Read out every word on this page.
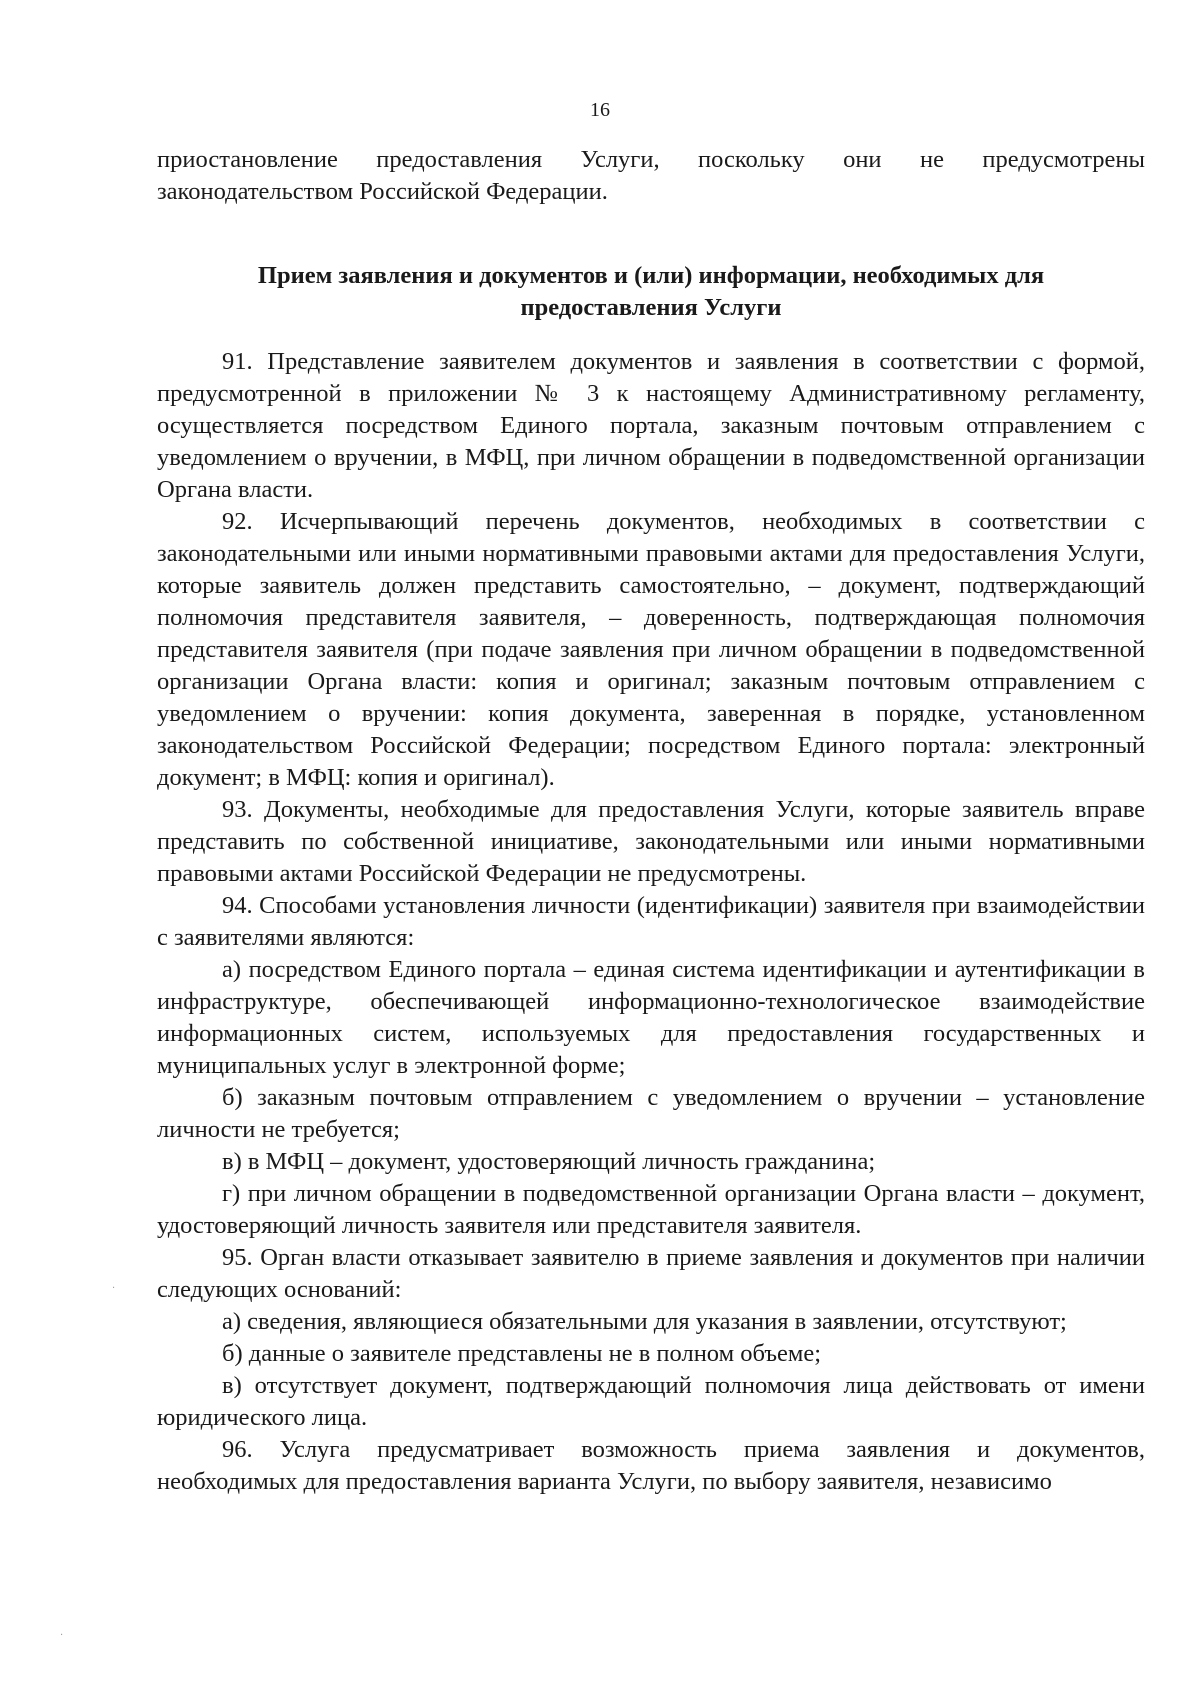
16

приостановление предоставления Услуги, поскольку они не предусмотрены законодательством Российской Федерации.

Прием заявления и документов и (или) информации, необходимых для
предоставления Услуги

91. Представление заявителем документов и заявления в соответствии с формой, предусмотренной в приложении № 3 к настоящему Административному регламенту, осуществляется посредством Единого портала, заказным почтовым отправлением с уведомлением о вручении, в МФЦ, при личном обращении в подведомственной организации Органа власти.

92. Исчерпывающий перечень документов, необходимых в соответствии с законодательными или иными нормативными правовыми актами для предоставления Услуги, которые заявитель должен представить самостоятельно, – документ, подтверждающий полномочия представителя заявителя, – доверенность, подтверждающая полномочия представителя заявителя (при подаче заявления при личном обращении в подведомственной организации Органа власти: копия и оригинал; заказным почтовым отправлением с уведомлением о вручении: копия документа, заверенная в порядке, установленном законодательством Российской Федерации; посредством Единого портала: электронный документ; в МФЦ: копия и оригинал).

93. Документы, необходимые для предоставления Услуги, которые заявитель вправе представить по собственной инициативе, законодательными или иными нормативными правовыми актами Российской Федерации не предусмотрены.

94. Способами установления личности (идентификации) заявителя при взаимодействии с заявителями являются:

а) посредством Единого портала – единая система идентификации и аутентификации в инфраструктуре, обеспечивающей информационно-технологическое взаимодействие информационных систем, используемых для предоставления государственных и муниципальных услуг в электронной форме;

б) заказным почтовым отправлением с уведомлением о вручении – установление личности не требуется;

в) в МФЦ – документ, удостоверяющий личность гражданина;

г) при личном обращении в подведомственной организации Органа власти – документ, удостоверяющий личность заявителя или представителя заявителя.

95. Орган власти отказывает заявителю в приеме заявления и документов при наличии следующих оснований:

а) сведения, являющиеся обязательными для указания в заявлении, отсутствуют;

б) данные о заявителе представлены не в полном объеме;

в) отсутствует документ, подтверждающий полномочия лица действовать от имени юридического лица.

96. Услуга предусматривает возможность приема заявления и документов, необходимых для предоставления варианта Услуги, по выбору заявителя, независимо

·
·
